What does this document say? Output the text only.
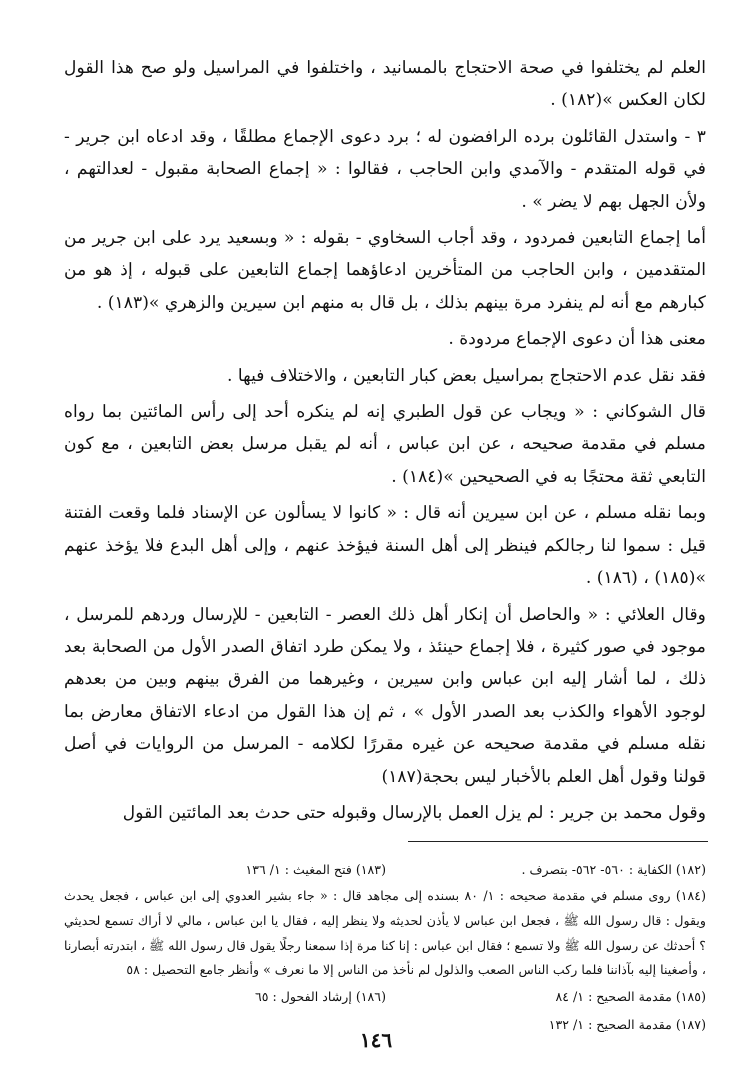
العلم لم يختلفوا في صحة الاحتجاج بالمسانيد ، واختلفوا في المراسيل ولو صح هذا القول لكان العكس »(١٨٢) .

٣ - واستدل القائلون برده الرافضون له ؛ برد دعوى الإجماع مطلقًا ، وقد ادعاه ابن جرير - في قوله المتقدم - والآمدي وابن الحاجب ، فقالوا : « إجماع الصحابة مقبول - لعدالتهم ، ولأن الجهل بهم لا يضر » .

أما إجماع التابعين فمردود ، وقد أجاب السخاوي - بقوله : « وبسعيد يرد على ابن جرير من المتقدمين ، وابن الحاجب من المتأخرين ادعاؤهما إجماع التابعين على قبوله ، إذ هو من كبارهم مع أنه لم ينفرد مرة بينهم بذلك ، بل قال به منهم ابن سيرين والزهري »(١٨٣) .

معنى هذا أن دعوى الإجماع مردودة .

فقد نقل عدم الاحتجاج بمراسيل بعض كبار التابعين ، والاختلاف فيها .

قال الشوكاني : « ويجاب عن قول الطبري إنه لم ينكره أحد إلى رأس المائتين بما رواه مسلم في مقدمة صحيحه ، عن ابن عباس ، أنه لم يقبل مرسل بعض التابعين ، مع كون التابعي ثقة محتجًا به في الصحيحين »(١٨٤) .

وبما نقله مسلم ، عن ابن سيرين أنه قال : « كانوا لا يسألون عن الإسناد فلما وقعت الفتنة قيل : سموا لنا رجالكم فينظر إلى أهل السنة فيؤخذ عنهم ، وإلى أهل البدع فلا يؤخذ عنهم »(١٨٥) ، (١٨٦) .

وقال العلائي : « والحاصل أن إنكار أهل ذلك العصر - التابعين - للإرسال وردهم للمرسل ، موجود في صور كثيرة ، فلا إجماع حينئذ ، ولا يمكن طرد اتفاق الصدر الأول من الصحابة بعد ذلك ، لما أشار إليه ابن عباس وابن سيرين ، وغيرهما من الفرق بينهم وبين من بعدهم لوجود الأهواء والكذب بعد الصدر الأول » ، ثم إن هذا القول من ادعاء الاتفاق معارض بما نقله مسلم في مقدمة صحيحه عن غيره مقررًا لكلامه - المرسل من الروايات في أصل قولنا وقول أهل العلم بالأخبار ليس بحجة(١٨٧)

وقول محمد بن جرير : لم يزل العمل بالإرسال وقبوله حتى حدث بعد المائتين القول

(١٨٢) الكفاية : ٥٦٠- ٥٦٢- بتصرف .
(١٨٣) فتح المغيث : ١/ ١٣٦

(١٨٤) روى مسلم في مقدمة صحيحه : ١/ ٨٠ بسنده إلى مجاهد قال : « جاء بشير العدوي إلى ابن عباس ، فجعل يحدث ويقول : قال رسول الله ﷺ ، فجعل ابن عباس لا يأذن لحديثه ولا ينظر إليه ، فقال يا ابن عباس ، مالي لا أراك تسمع لحديثي ؟ أحدثك عن رسول الله ﷺ ولا تسمع ؛ فقال ابن عباس : إنا كنا مرة إذا سمعنا رجلًا يقول قال رسول الله ﷺ ، ابتدرته أبصارنا ، وأصغينا إليه بآذاننا فلما ركب الناس الصعب والذلول لم نأخذ من الناس إلا ما نعرف » وأنظر جامع التحصيل : ٥٨

(١٨٥) مقدمة الصحيح : ١/ ٨٤
(١٨٦) إرشاد الفحول : ٦٥
(١٨٧) مقدمة الصحيح : ١/ ١٣٢
١٤٦
